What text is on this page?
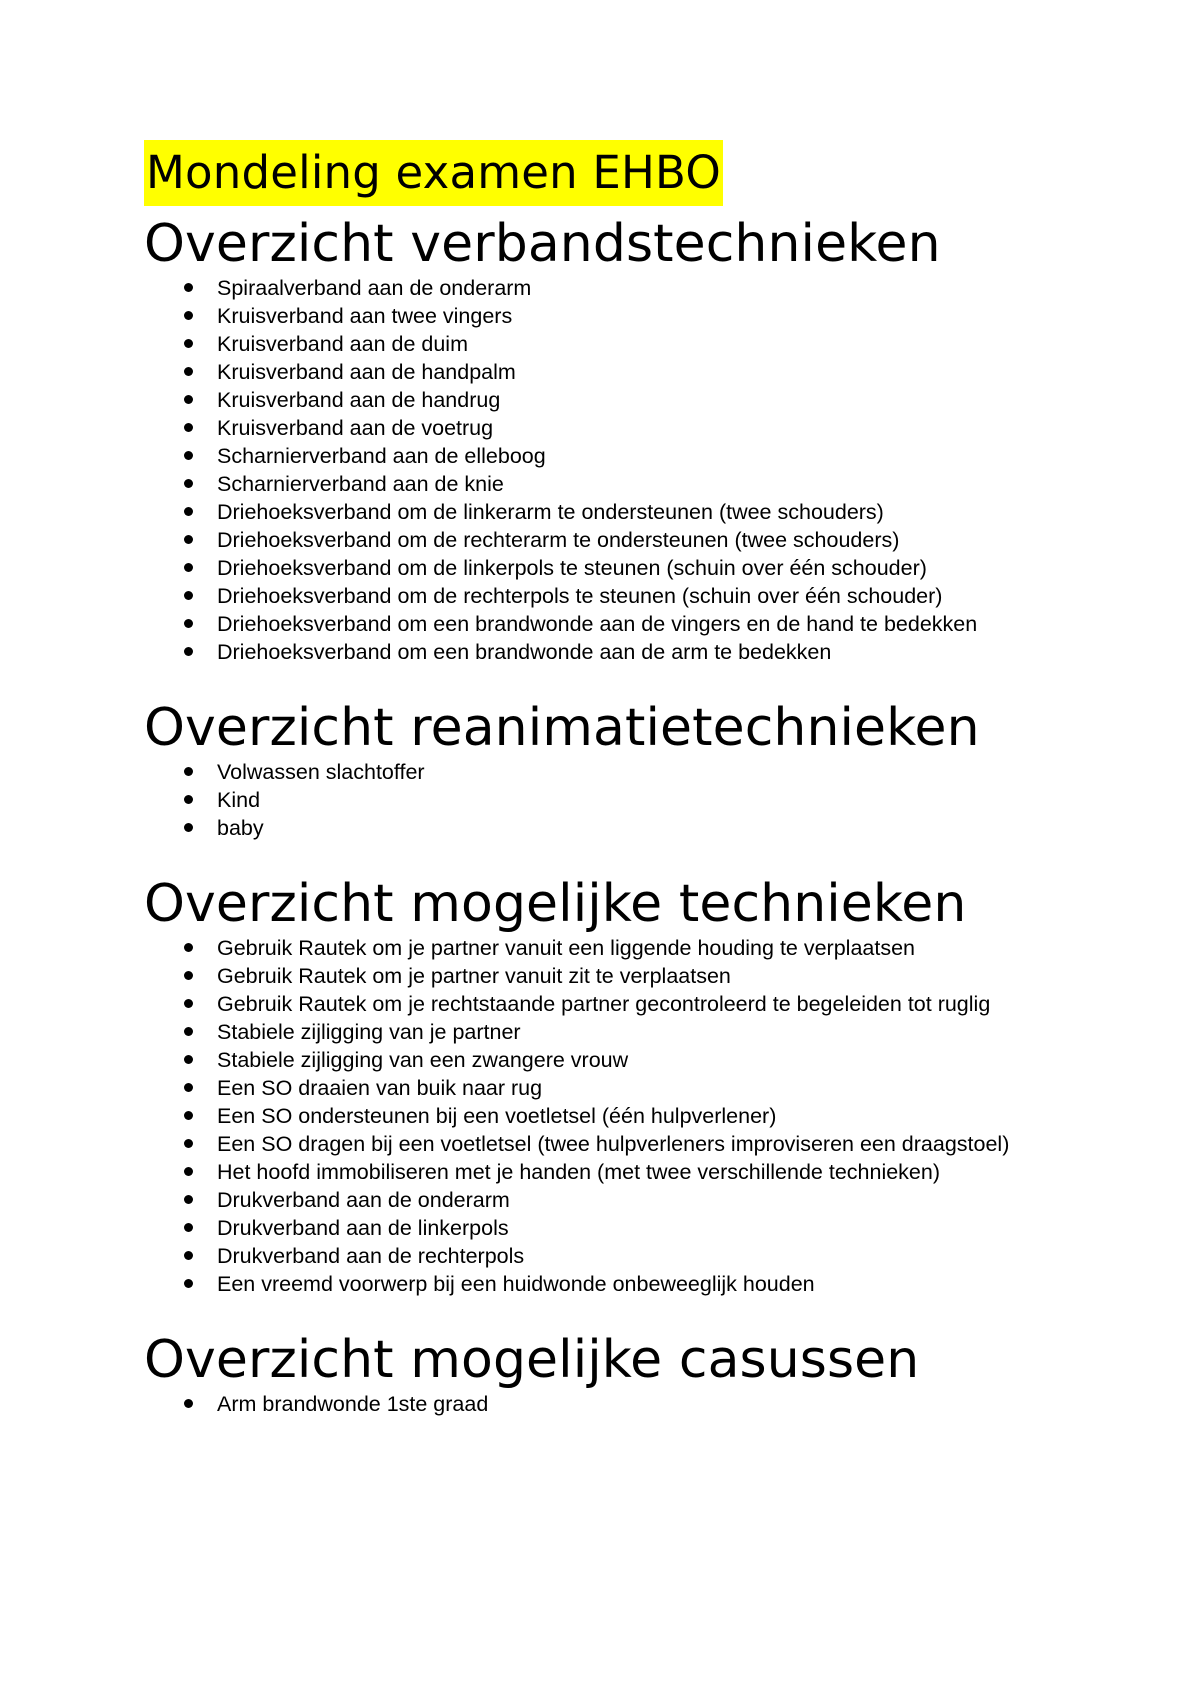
Mondeling examen EHBO
Overzicht verbandstechnieken
Spiraalverband aan de onderarm
Kruisverband aan twee vingers
Kruisverband aan de duim
Kruisverband aan de handpalm
Kruisverband aan de handrug
Kruisverband aan de voetrug
Scharnierverband aan de elleboog
Scharnierverband aan de knie
Driehoeksverband om de linkerarm te ondersteunen (twee schouders)
Driehoeksverband om de rechterarm te ondersteunen (twee schouders)
Driehoeksverband om de linkerpols te steunen (schuin over één schouder)
Driehoeksverband om de rechterpols te steunen (schuin over één schouder)
Driehoeksverband om een brandwonde aan de vingers en de hand te bedekken
Driehoeksverband om een brandwonde aan de arm te bedekken
Overzicht reanimatietechnieken
Volwassen slachtoffer
Kind
baby
Overzicht mogelijke technieken
Gebruik Rautek om je partner vanuit een liggende houding te verplaatsen
Gebruik Rautek om je partner vanuit zit te verplaatsen
Gebruik Rautek om je rechtstaande partner gecontroleerd te begeleiden tot ruglig
Stabiele zijligging van je partner
Stabiele zijligging van een zwangere vrouw
Een SO draaien van buik naar rug
Een SO ondersteunen bij een voetletsel (één hulpverlener)
Een SO dragen bij een voetletsel (twee hulpverleners improviseren een draagstoel)
Het hoofd immobiliseren met je handen (met twee verschillende technieken)
Drukverband aan de onderarm
Drukverband aan de linkerpols
Drukverband aan de rechterpols
Een vreemd voorwerp bij een huidwonde onbeweeglijk houden
Overzicht mogelijke casussen
Arm brandwonde 1ste graad
